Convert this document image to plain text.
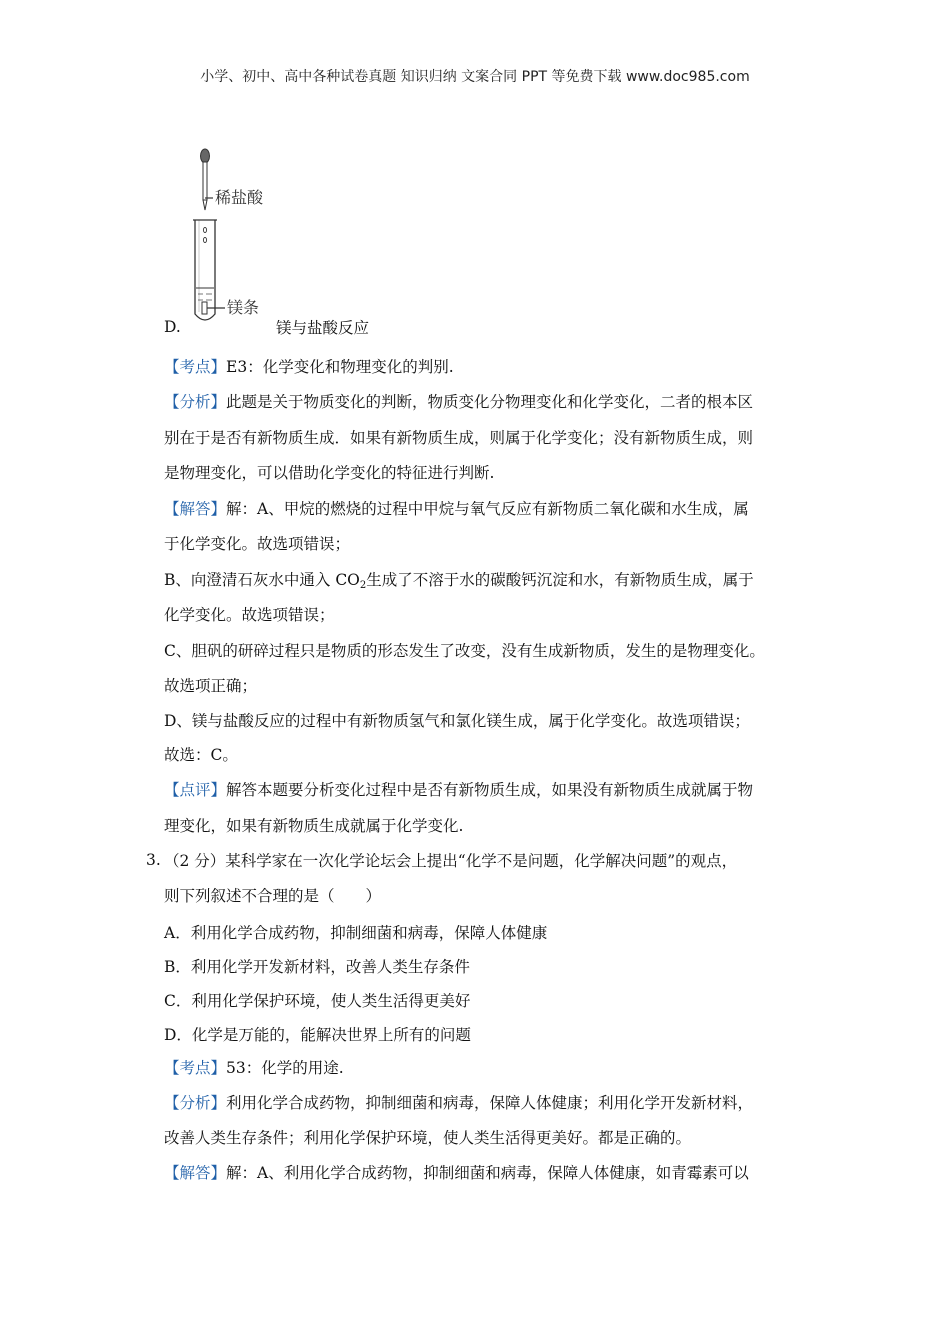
小学、初中、高中各种试卷真题 知识归纳 文案合同 PPT 等免费下载 www.doc985.com
稀盐酸
镁条
D.	镁与盐酸反应
【考点】E3：化学变化和物理变化的判别.
【分析】此题是关于物质变化的判断，物质变化分物理变化和化学变化，二者的根本区
别在于是否有新物质生成．如果有新物质生成，则属于化学变化；没有新物质生成，则
是物理变化，可以借助化学变化的特征进行判断.
【解答】解：A、甲烷的燃烧的过程中甲烷与氧气反应有新物质二氧化碳和水生成，属
于化学变化。故选项错误；
B、向澄清石灰水中通入 $CO_2$生成了不溶于水的碳酸钙沉淀和水，有新物质生成，属于
化学变化。故选项错误；
C、胆矾的研碎过程只是物质的形态发生了改变，没有生成新物质，发生的是物理变化。
故选项正确；
D、镁与盐酸反应的过程中有新物质氢气和氯化镁生成，属于化学变化。故选项错误；
故选：C。
【点评】解答本题要分析变化过程中是否有新物质生成，如果没有新物质生成就属于物
理变化，如果有新物质生成就属于化学变化.
3. （2 分）某科学家在一次化学论坛会上提出“化学不是问题，化学解决问题”的观点，
则下列叙述不合理的是（　　）
A．利用化学合成药物，抑制细菌和病毒，保障人体健康
B．利用化学开发新材料，改善人类生存条件
C．利用化学保护环境，使人类生活得更美好
D．化学是万能的，能解决世界上所有的问题
【考点】53：化学的用途.
【分析】利用化学合成药物，抑制细菌和病毒，保障人体健康；利用化学开发新材料，
改善人类生存条件；利用化学保护环境，使人类生活得更美好。都是正确的。
【解答】解：A、利用化学合成药物，抑制细菌和病毒，保障人体健康，如青霉素可以
